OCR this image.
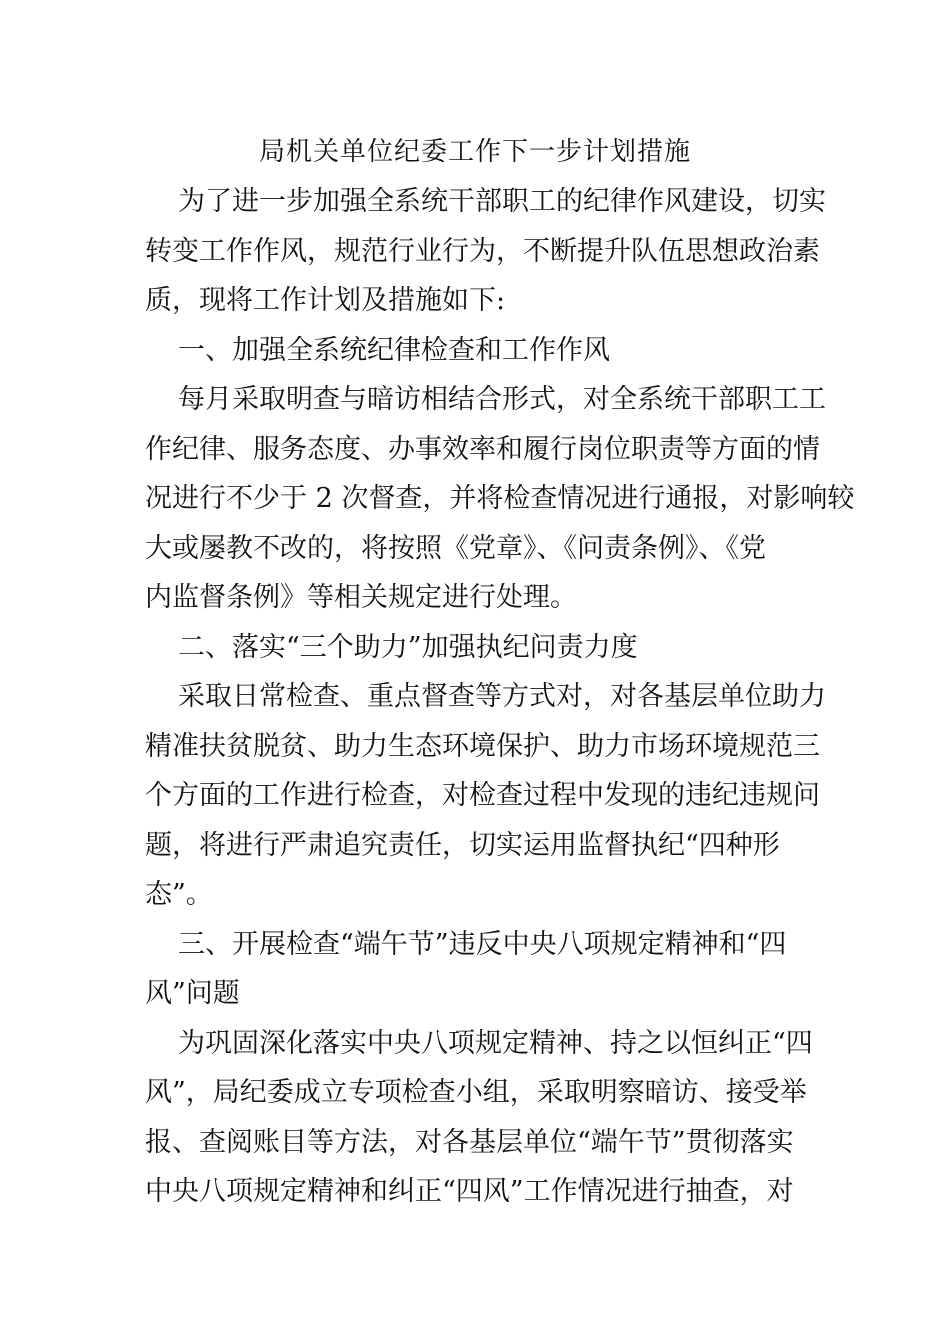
局机关单位纪委工作下一步计划措施

为了进一步加强全系统干部职工的纪律作风建设，切实

转变工作作风，规范行业行为，不断提升队伍思想政治素

质，现将工作计划及措施如下:

一、加强全系统纪律检查和工作作风

每月采取明查与暗访相结合形式，对全系统干部职工工

作纪律、服务态度、办事效率和履行岗位职责等方面的情

况进行不少于 2 次督查，并将检查情况进行通报，对影响较

大或屡教不改的，将按照《党章》、《问责条例》、《党

内监督条例》等相关规定进行处理。

二、落实“三个助力”加强执纪问责力度

采取日常检查、重点督查等方式对，对各基层单位助力

精准扶贫脱贫、助力生态环境保护、助力市场环境规范三

个方面的工作进行检查，对检查过程中发现的违纪违规问

题，将进行严肃追究责任，切实运用监督执纪“四种形

态”。

三、开展检查“端午节”违反中央八项规定精神和“四

风”问题

为巩固深化落实中央八项规定精神、持之以恒纠正“四

风”，局纪委成立专项检查小组，采取明察暗访、接受举

报、查阅账目等方法，对各基层单位“端午节”贯彻落实

中央八项规定精神和纠正“四风”工作情况进行抽查，对
